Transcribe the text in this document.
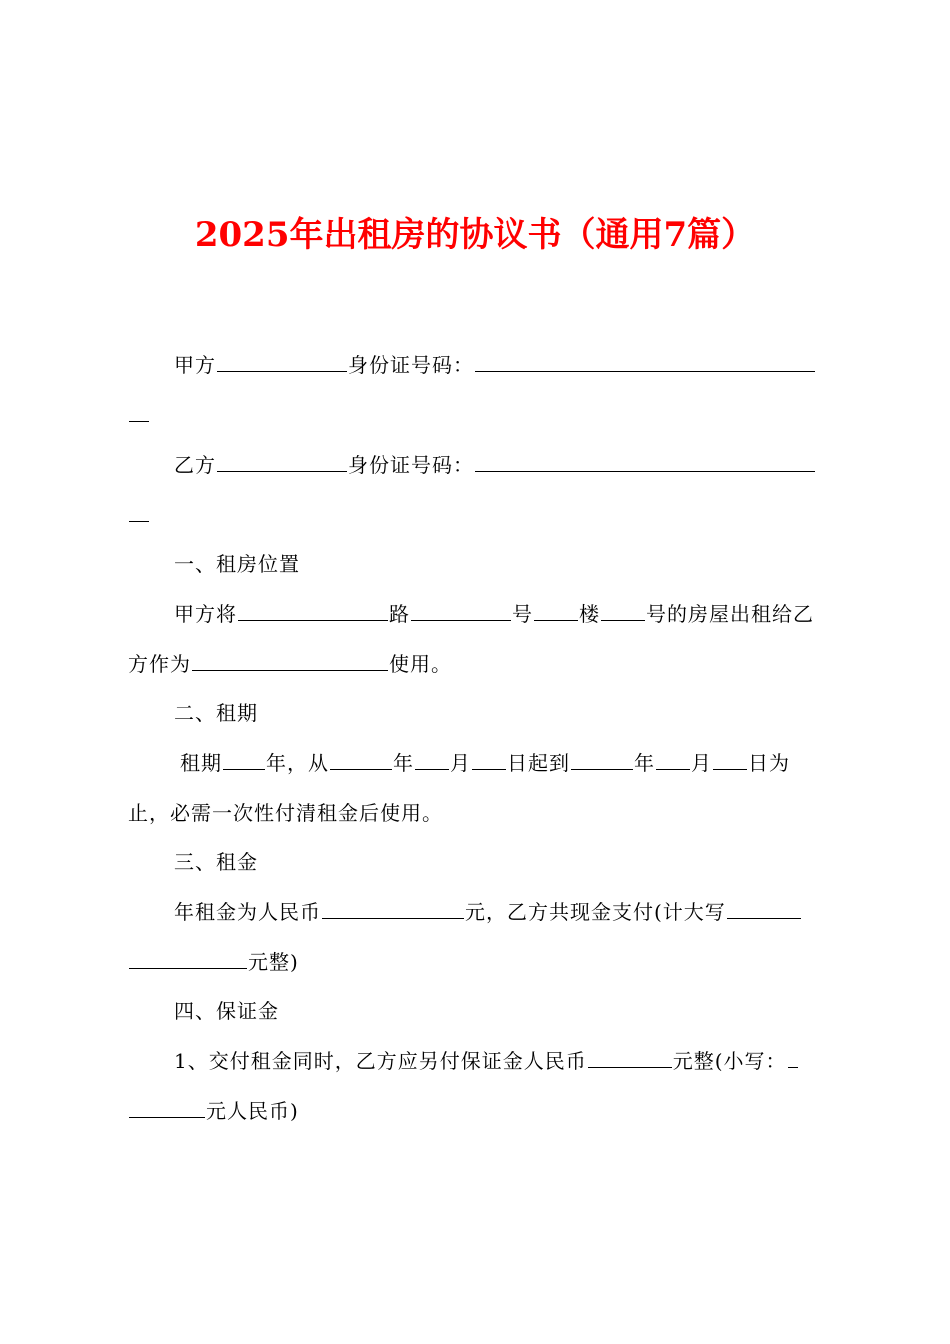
2025年出租房的协议书（通用7篇）
甲方	身份证号码：
乙方	身份证号码：
一、租房位置
甲方将	路	号 楼 号的房屋出租给乙
方作为	使用。
二、租期
租期 年，从	年 月 日起到	年 月 日为
止，必需一次性付清租金后使用。
三、租金
年租金为人民币	元，乙方共现金支付(计大写
元整)
四、保证金
1、交付租金同时，乙方应另付保证金人民币	元整(小写：
元人民币)
